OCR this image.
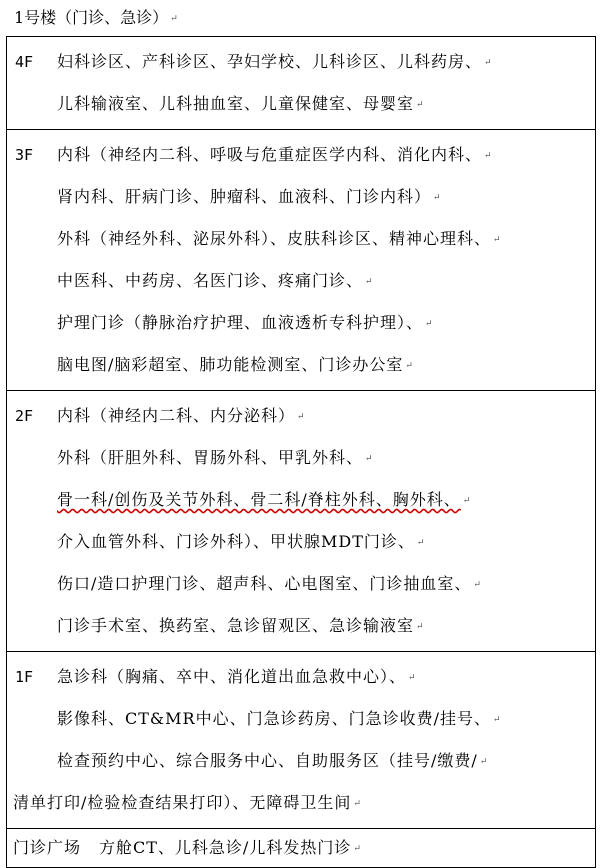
1号楼（门诊、急诊） ↵
4F	妇科诊区、产科诊区、孕妇学校、儿科诊区、儿科药房、 ↵
儿科输液室、儿科抽血室、儿童保健室、母婴室 ↵

3F	内科（神经内二科、呼吸与危重症医学内科、消化内科、 ↵
肾内科、肝病门诊、肿瘤科、血液科、门诊内科） ↵
外科（神经外科、泌尿外科）、皮肤科诊区、精神心理科、 ↵
中医科、中药房、名医门诊、疼痛门诊、 ↵
护理门诊（静脉治疗护理、血液透析专科护理）、 ↵
脑电图/脑彩超室、肺功能检测室、门诊办公室 ↵

2F	内科（神经内二科、内分泌科） ↵
外科（肝胆外科、胃肠外科、甲乳外科、 ↵
骨一科/创伤及关节外科、骨二科/脊柱外科、胸外科、 ↵
介入血管外科、门诊外科）、甲状腺MDT门诊、 ↵
伤口/造口护理门诊、超声科、心电图室、门诊抽血室、 ↵
门诊手术室、换药室、急诊留观区、急诊输液室 ↵

1F	急诊科（胸痛、卒中、消化道出血急救中心）、 ↵
影像科、CT&MR中心、门急诊药房、门急诊收费/挂号、 ↵
检查预约中心、综合服务中心、自助服务区（挂号/缴费/ ↵
清单打印/检验检查结果打印）、无障碍卫生间 ↵

门诊广场 方舱CT、儿科急诊/儿科发热门诊 ↵
